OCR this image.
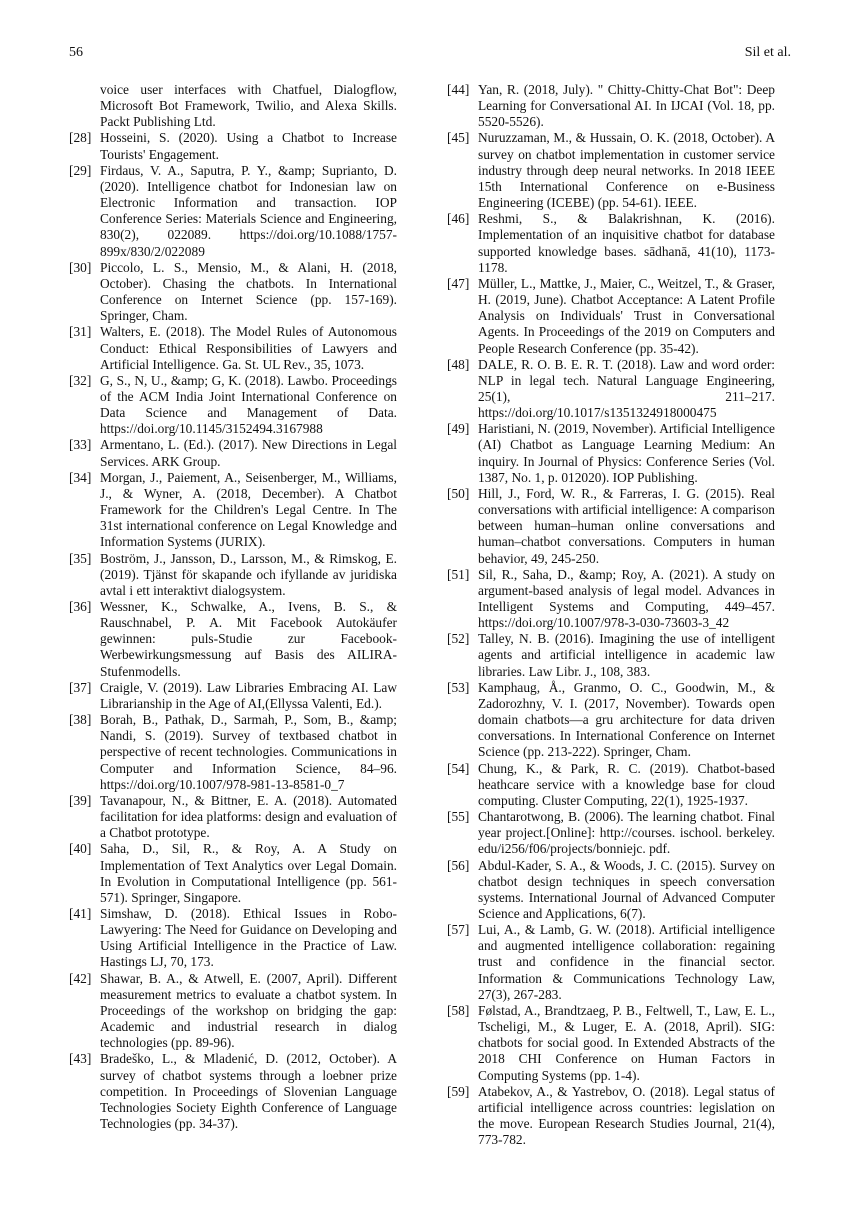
56	Sil et al.

voice user interfaces with Chatfuel, Dialogflow, Microsoft Bot Framework, Twilio, and Alexa Skills. Packt Publishing Ltd.

[28] Hosseini, S. (2020). Using a Chatbot to Increase Tourists' Engagement.

[29] Firdaus, V. A., Saputra, P. Y., &amp; Suprianto, D. (2020). Intelligence chatbot for Indonesian law on Electronic Information and transaction. IOP Conference Series: Materials Science and Engineering, 830(2), 022089. https://doi.org/10.1088/1757-899x/830/2/022089

[30] Piccolo, L. S., Mensio, M., & Alani, H. (2018, October). Chasing the chatbots. In International Conference on Internet Science (pp. 157-169). Springer, Cham.

[31] Walters, E. (2018). The Model Rules of Autonomous Conduct: Ethical Responsibilities of Lawyers and Artificial Intelligence. Ga. St. UL Rev., 35, 1073.

[32] G, S., N, U., &amp; G, K. (2018). Lawbo. Proceedings of the ACM India Joint International Conference on Data Science and Management of Data. https://doi.org/10.1145/3152494.3167988

[33] Armentano, L. (Ed.). (2017). New Directions in Legal Services. ARK Group.

[34] Morgan, J., Paiement, A., Seisenberger, M., Williams, J., & Wyner, A. (2018, December). A Chatbot Framework for the Children's Legal Centre. In The 31st international conference on Legal Knowledge and Information Systems (JURIX).

[35] Boström, J., Jansson, D., Larsson, M., & Rimskog, E. (2019). Tjänst för skapande och ifyllande av juridiska avtal i ett interaktivt dialogsystem.

[36] Wessner, K., Schwalke, A., Ivens, B. S., & Rauschnabel, P. A. Mit Facebook Autokäufer gewinnen: puls-Studie zur Facebook-Werbewirkungsmessung auf Basis des AILIRA-Stufenmodells.

[37] Craigle, V. (2019). Law Libraries Embracing AI. Law Librarianship in the Age of AI,(Ellyssa Valenti, Ed.).

[38] Borah, B., Pathak, D., Sarmah, P., Som, B., &amp; Nandi, S. (2019). Survey of textbased chatbot in perspective of recent technologies. Communications in Computer and Information Science, 84–96. https://doi.org/10.1007/978-981-13-8581-0_7

[39] Tavanapour, N., & Bittner, E. A. (2018). Automated facilitation for idea platforms: design and evaluation of a Chatbot prototype.

[40] Saha, D., Sil, R., & Roy, A. A Study on Implementation of Text Analytics over Legal Domain. In Evolution in Computational Intelligence (pp. 561-571). Springer, Singapore.

[41] Simshaw, D. (2018). Ethical Issues in Robo-Lawyering: The Need for Guidance on Developing and Using Artificial Intelligence in the Practice of Law. Hastings LJ, 70, 173.

[42] Shawar, B. A., & Atwell, E. (2007, April). Different measurement metrics to evaluate a chatbot system. In Proceedings of the workshop on bridging the gap: Academic and industrial research in dialog technologies (pp. 89-96).

[43] Bradeško, L., & Mladenić, D. (2012, October). A survey of chatbot systems through a loebner prize competition. In Proceedings of Slovenian Language Technologies Society Eighth Conference of Language Technologies (pp. 34-37).

[44] Yan, R. (2018, July). " Chitty-Chitty-Chat Bot": Deep Learning for Conversational AI. In IJCAI (Vol. 18, pp. 5520-5526).

[45] Nuruzzaman, M., & Hussain, O. K. (2018, October). A survey on chatbot implementation in customer service industry through deep neural networks. In 2018 IEEE 15th International Conference on e-Business Engineering (ICEBE) (pp. 54-61). IEEE.

[46] Reshmi, S., & Balakrishnan, K. (2016). Implementation of an inquisitive chatbot for database supported knowledge bases. sādhanā, 41(10), 1173-1178.

[47] Müller, L., Mattke, J., Maier, C., Weitzel, T., & Graser, H. (2019, June). Chatbot Acceptance: A Latent Profile Analysis on Individuals' Trust in Conversational Agents. In Proceedings of the 2019 on Computers and People Research Conference (pp. 35-42).

[48] DALE, R. O. B. E. R. T. (2018). Law and word order: NLP in legal tech. Natural Language Engineering, 25(1), 211–217. https://doi.org/10.1017/s1351324918000475

[49] Haristiani, N. (2019, November). Artificial Intelligence (AI) Chatbot as Language Learning Medium: An inquiry. In Journal of Physics: Conference Series (Vol. 1387, No. 1, p. 012020). IOP Publishing.

[50] Hill, J., Ford, W. R., & Farreras, I. G. (2015). Real conversations with artificial intelligence: A comparison between human–human online conversations and human–chatbot conversations. Computers in human behavior, 49, 245-250.

[51] Sil, R., Saha, D., &amp; Roy, A. (2021). A study on argument-based analysis of legal model. Advances in Intelligent Systems and Computing, 449–457. https://doi.org/10.1007/978-3-030-73603-3_42

[52] Talley, N. B. (2016). Imagining the use of intelligent agents and artificial intelligence in academic law libraries. Law Libr. J., 108, 383.

[53] Kamphaug, Å., Granmo, O. C., Goodwin, M., & Zadorozhny, V. I. (2017, November). Towards open domain chatbots—a gru architecture for data driven conversations. In International Conference on Internet Science (pp. 213-222). Springer, Cham.

[54] Chung, K., & Park, R. C. (2019). Chatbot-based heathcare service with a knowledge base for cloud computing. Cluster Computing, 22(1), 1925-1937.

[55] Chantarotwong, B. (2006). The learning chatbot. Final year project.[Online]: http://courses. ischool. berkeley. edu/i256/f06/projects/bonniejc. pdf.

[56] Abdul-Kader, S. A., & Woods, J. C. (2015). Survey on chatbot design techniques in speech conversation systems. International Journal of Advanced Computer Science and Applications, 6(7).

[57] Lui, A., & Lamb, G. W. (2018). Artificial intelligence and augmented intelligence collaboration: regaining trust and confidence in the financial sector. Information & Communications Technology Law, 27(3), 267-283.

[58] Følstad, A., Brandtzaeg, P. B., Feltwell, T., Law, E. L., Tscheligi, M., & Luger, E. A. (2018, April). SIG: chatbots for social good. In Extended Abstracts of the 2018 CHI Conference on Human Factors in Computing Systems (pp. 1-4).

[59] Atabekov, A., & Yastrebov, O. (2018). Legal status of artificial intelligence across countries: legislation on the move. European Research Studies Journal, 21(4), 773-782.
